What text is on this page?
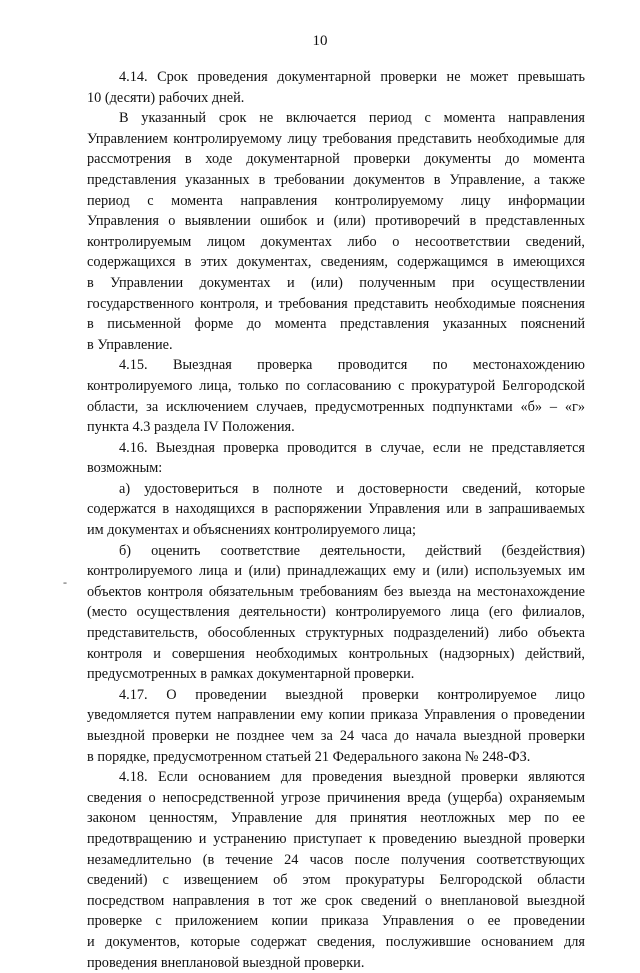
10
‐
4.14. Срок проведения документарной проверки не может превышать
10 (десяти) рабочих дней.
В указанный срок не включается период с момента направления
Управлением контролируемому лицу требования представить необходимые для
рассмотрения в ходе документарной проверки документы до момента
представления указанных в требовании документов в Управление, а также
период с момента направления контролируемому лицу информации
Управления о выявлении ошибок и (или) противоречий в представленных
контролируемым лицом документах либо о несоответствии сведений,
содержащихся в этих документах, сведениям, содержащимся в имеющихся
в Управлении документах и (или) полученным при осуществлении
государственного контроля, и требования представить необходимые пояснения
в письменной форме до момента представления указанных пояснений
в Управление.
4.15. Выездная проверка проводится по местонахождению
контролируемого лица, только по согласованию с прокуратурой Белгородской
области, за исключением случаев, предусмотренных подпунктами «б» – «г»
пункта 4.3 раздела IV Положения.
4.16. Выездная проверка проводится в случае, если не представляется
возможным:
а) удостовериться в полноте и достоверности сведений, которые
содержатся в находящихся в распоряжении Управления или в запрашиваемых
им документах и объяснениях контролируемого лица;
б) оценить соответствие деятельности, действий (бездействия)
контролируемого лица и (или) принадлежащих ему и (или) используемых им
объектов контроля обязательным требованиям без выезда на местонахождение
(место осуществления деятельности) контролируемого лица (его филиалов,
представительств, обособленных структурных подразделений) либо объекта
контроля и совершения необходимых контрольных (надзорных) действий,
предусмотренных в рамках документарной проверки.
4.17. О проведении выездной проверки контролируемое лицо
уведомляется путем направлении ему копии приказа Управления о проведении
выездной проверки не позднее чем за 24 часа до начала выездной проверки
в порядке, предусмотренном статьей 21 Федерального закона № 248-ФЗ.
4.18. Если основанием для проведения выездной проверки являются
сведения о непосредственной угрозе причинения вреда (ущерба) охраняемым
законом ценностям, Управление для принятия неотложных мер по ее
предотвращению и устранению приступает к проведению выездной проверки
незамедлительно (в течение 24 часов после получения соответствующих
сведений) с извещением об этом прокуратуры Белгородской области
посредством направления в тот же срок сведений о внеплановой выездной
проверке с приложением копии приказа Управления о ее проведении
и документов, которые содержат сведения, послужившие основанием для
проведения внеплановой выездной проверки.
